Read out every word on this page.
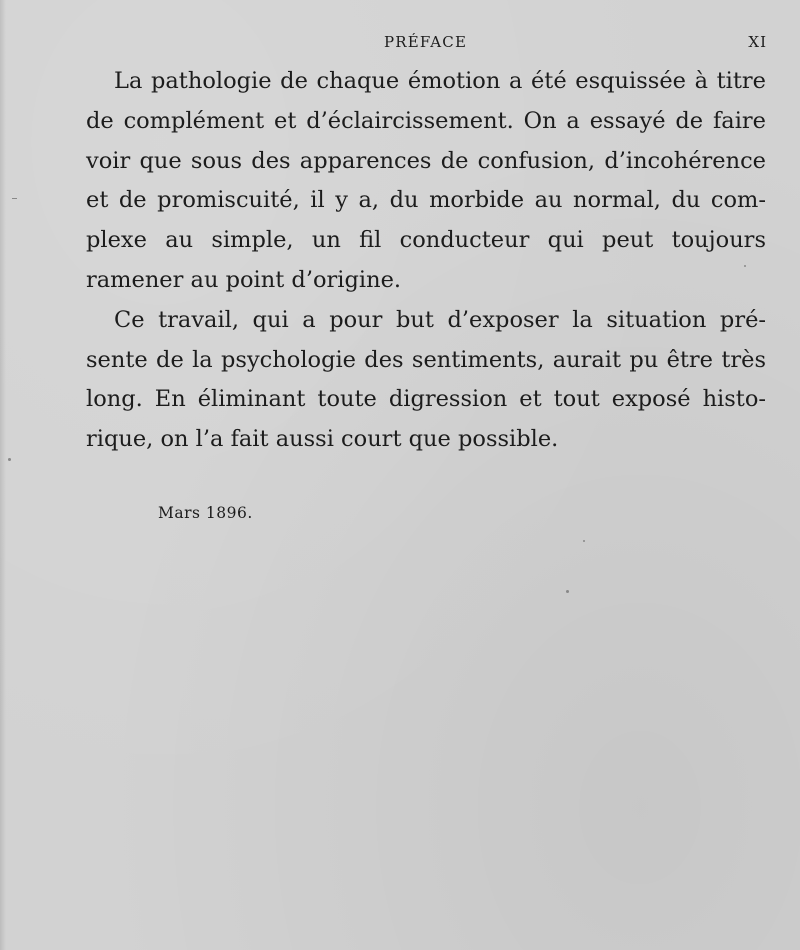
PRÉFACE	XI
La pathologie de chaque émotion a été esquissée à titre
de complément et d’éclaircissement. On a essayé de faire
voir que sous des apparences de confusion, d’incohérence
et de promiscuité, il y a, du morbide au normal, du com-
plexe au simple, un fil conducteur qui peut toujours
ramener au point d’origine.
Ce travail, qui a pour but d’exposer la situation pré-
sente de la psychologie des sentiments, aurait pu être très
long. En éliminant toute digression et tout exposé histo-
rique, on l’a fait aussi court que possible.
Mars 1896.
